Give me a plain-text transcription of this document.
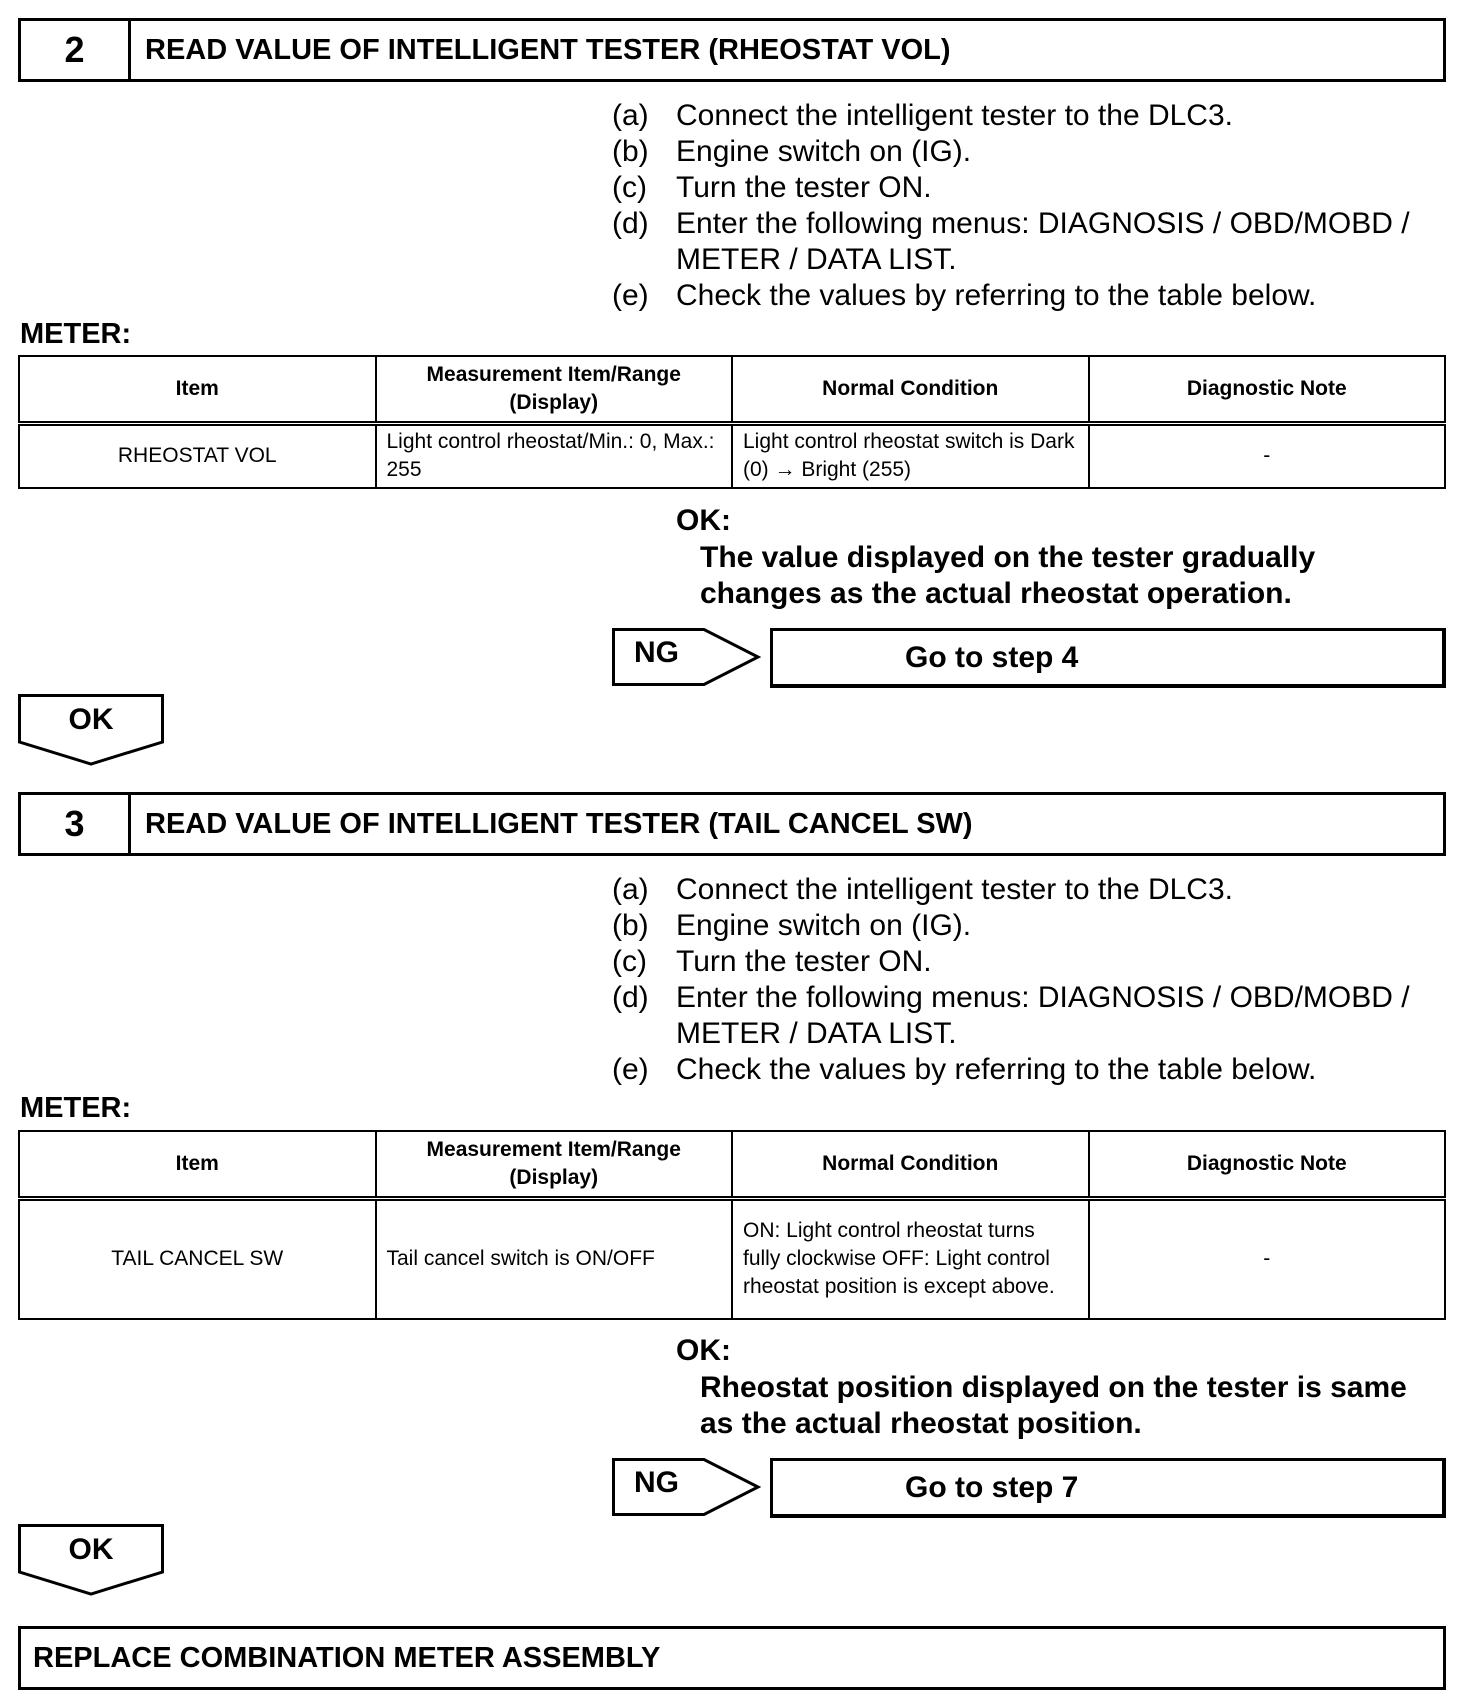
2	READ VALUE OF INTELLIGENT TESTER (RHEOSTAT VOL)
(a) Connect the intelligent tester to the DLC3.
(b) Engine switch on (IG).
(c) Turn the tester ON.
(d) Enter the following menus: DIAGNOSIS / OBD/MOBD / METER / DATA LIST.
(e) Check the values by referring to the table below.
METER:
Item	Measurement Item/Range (Display)	Normal Condition	Diagnostic Note
RHEOSTAT VOL	Light control rheostat/Min.: 0, Max.: 255	Light control rheostat switch is Dark (0) → Bright (255)	-
OK:
The value displayed on the tester gradually changes as the actual rheostat operation.
NG	Go to step 4
OK
3	READ VALUE OF INTELLIGENT TESTER (TAIL CANCEL SW)
(a) Connect the intelligent tester to the DLC3.
(b) Engine switch on (IG).
(c) Turn the tester ON.
(d) Enter the following menus: DIAGNOSIS / OBD/MOBD / METER / DATA LIST.
(e) Check the values by referring to the table below.
METER:
Item	Measurement Item/Range (Display)	Normal Condition	Diagnostic Note
TAIL CANCEL SW	Tail cancel switch is ON/OFF	ON: Light control rheostat turns fully clockwise OFF: Light control rheostat position is except above.	-
OK:
Rheostat position displayed on the tester is same as the actual rheostat position.
NG	Go to step 7
OK
REPLACE COMBINATION METER ASSEMBLY
